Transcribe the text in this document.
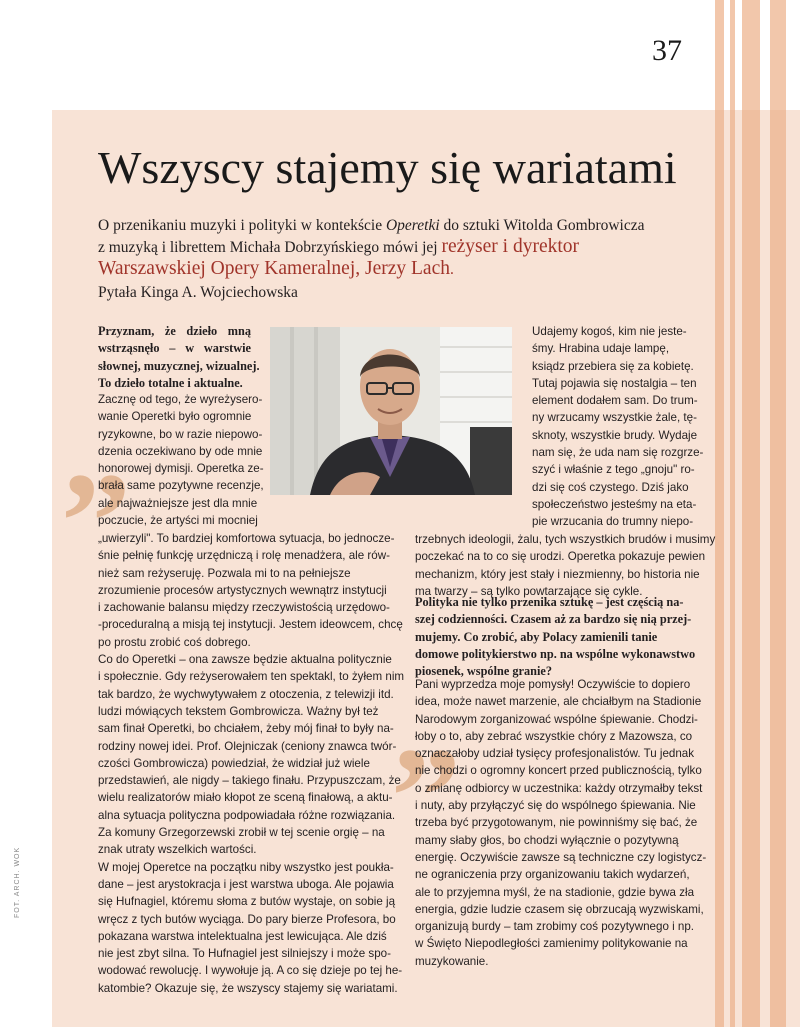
37
Wszyscy stajemy się wariatami
O przenikaniu muzyki i polityki w kontekście Operetki do sztuki Witolda Gombrowicza
z muzyką i librettem Michała Dobrzyńskiego mówi jej reżyser i dyrektor
Warszawskiej Opery Kameralnej, Jerzy Lach.
Pytała Kinga A. Wojciechowska
„
„
Przyznam, że dzieło mną
wstrząsnęło – w warstwie
słownej, muzycznej, wizualnej.
To dzieło totalne i aktualne.
Zacznę od tego, że wyreżysero-
wanie Operetki było ogromnie
ryzykowne, bo w razie niepowo-
dzenia oczekiwano by ode mnie
honorowej dymisji. Operetka ze-
brała same pozytywne recenzje,
ale najważniejsze jest dla mnie
poczucie, że artyści mi mocniej
„uwierzyli". To bardziej komfortowa sytuacja, bo jednocze-
śnie pełnię funkcję urzędniczą i rolę menadżera, ale rów-
nież sam reżyseruję. Pozwala mi to na pełniejsze
zrozumienie procesów artystycznych wewnątrz instytucji
i zachowanie balansu między rzeczywistością urzędowo-
-proceduralną a misją tej instytucji. Jestem ideowcem, chcę
po prostu zrobić coś dobrego.
Co do Operetki – ona zawsze będzie aktualna politycznie
i społecznie. Gdy reżyserowałem ten spektakl, to żyłem nim
tak bardzo, że wychwytywałem z otoczenia, z telewizji itd.
ludzi mówiących tekstem Gombrowicza. Ważny był też
sam finał Operetki, bo chciałem, żeby mój finał to były na-
rodziny nowej idei. Prof. Olejniczak (ceniony znawca twór-
czości Gombrowicza) powiedział, że widział już wiele
przedstawień, ale nigdy – takiego finału. Przypuszczam, że
wielu realizatorów miało kłopot ze sceną finałową, a aktu-
alna sytuacja polityczna podpowiadała różne rozwiązania.
Za komuny Grzegorzewski zrobił w tej scenie orgię – na
znak utraty wszelkich wartości.
W mojej Operetce na początku niby wszystko jest poukła-
dane – jest arystokracja i jest warstwa uboga. Ale pojawia
się Hufnagiel, któremu słoma z butów wystaje, on sobie ją
wręcz z tych butów wyciąga. Do pary bierze Profesora, bo
pokazana warstwa intelektualna jest lewicująca. Ale dziś
nie jest zbyt silna. To Hufnagiel jest silniejszy i może spo-
wodować rewolucję. I wywołuje ją. A co się dzieje po tej he-
katombie? Okazuje się, że wszyscy stajemy się wariatami.
Udajemy kogoś, kim nie jeste-
śmy. Hrabina udaje lampę,
ksiądz przebiera się za kobietę.
Tutaj pojawia się nostalgia – ten
element dodałem sam. Do trum-
ny wrzucamy wszystkie żale, tę-
sknoty, wszystkie brudy. Wydaje
nam się, że uda nam się rozgrze-
szyć i właśnie z tego „gnoju" ro-
dzi się coś czystego. Dziś jako
społeczeństwo jesteśmy na eta-
pie wrzucania do trumny niepo-
trzebnych ideologii, żalu, tych wszystkich brudów i musimy
poczekać na to co się urodzi. Operetka pokazuje pewien
mechanizm, który jest stały i niezmienny, bo historia nie
ma twarzy – są tylko powtarzające się cykle.
Polityka nie tylko przenika sztukę – jest częścią na-
szej codzienności. Czasem aż za bardzo się nią przej-
mujemy. Co zrobić, aby Polacy zamienili tanie
domowe politykierstwo np. na wspólne wykonawstwo
piosenek, wspólne granie?
Pani wyprzedza moje pomysły! Oczywiście to dopiero
idea, może nawet marzenie, ale chciałbym na Stadionie
Narodowym zorganizować wspólne śpiewanie. Chodzi-
łoby o to, aby zebrać wszystkie chóry z Mazowsza, co
oznaczałoby udział tysięcy profesjonalistów. Tu jednak
nie chodzi o ogromny koncert przed publicznością, tylko
o zmianę odbiorcy w uczestnika: każdy otrzymałby tekst
i nuty, aby przyłączyć się do wspólnego śpiewania. Nie
trzeba być przygotowanym, nie powinniśmy się bać, że
mamy słaby głos, bo chodzi wyłącznie o pozytywną
energię. Oczywiście zawsze są techniczne czy logistycz-
ne ograniczenia przy organizowaniu takich wydarzeń,
ale to przyjemna myśl, że na stadionie, gdzie bywa zła
energia, gdzie ludzie czasem się obrzucają wyzwiskami,
organizują burdy – tam zrobimy coś pozytywnego i np.
w Święto Niepodległości zamienimy politykowanie na
muzykowanie.
FOT. ARCH. WOK
